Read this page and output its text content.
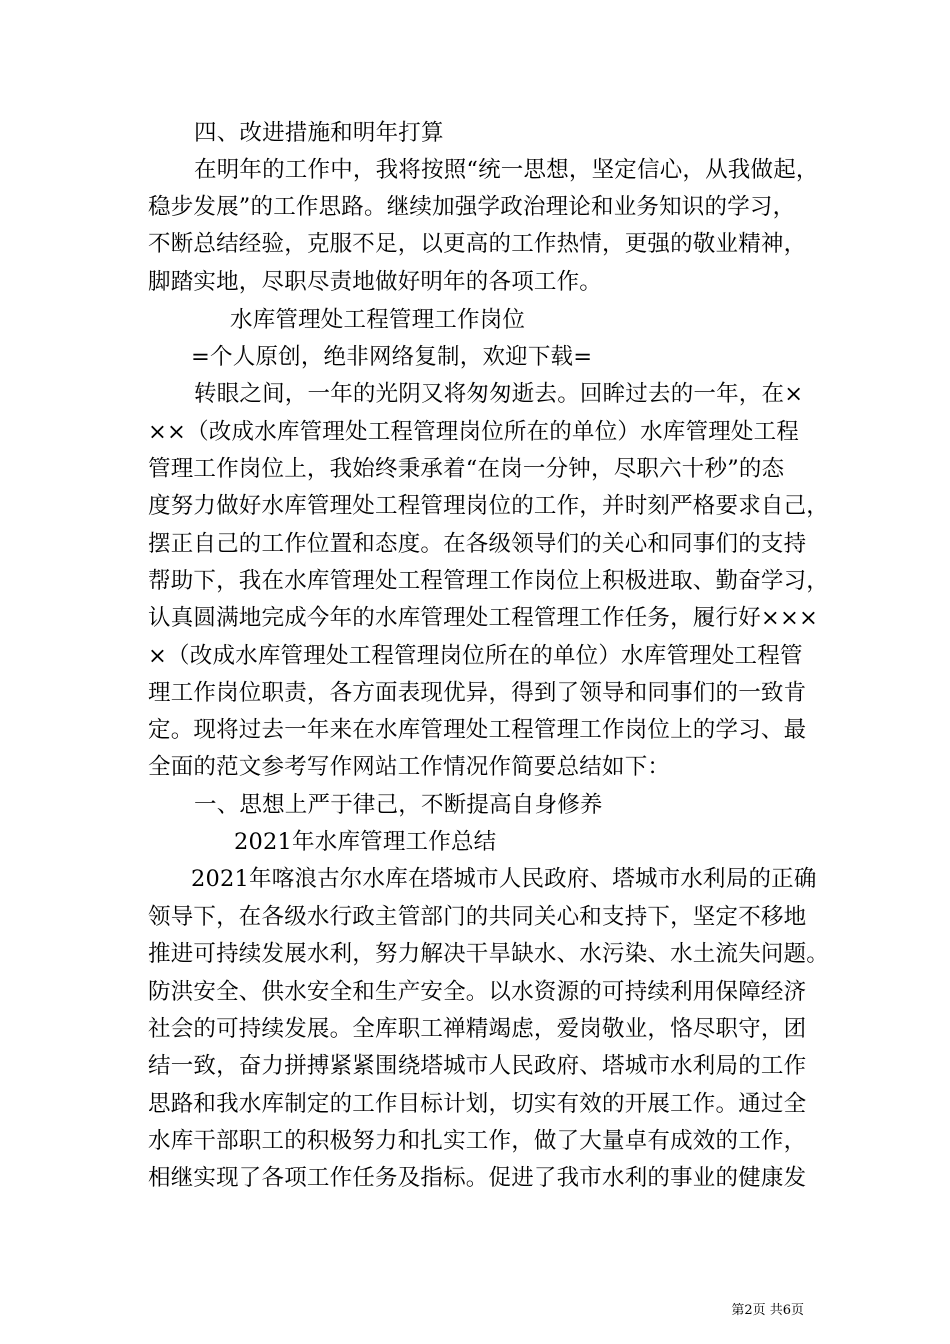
四、改进措施和明年打算
在明年的工作中，我将按照“统一思想，坚定信心，从我做起，
稳步发展”的工作思路。继续加强学政治理论和业务知识的学习，
不断总结经验，克服不足，以更高的工作热情，更强的敬业精神，
脚踏实地，尽职尽责地做好明年的各项工作。
水库管理处工程管理工作岗位
=个人原创，绝非网络复制，欢迎下载=
转眼之间，一年的光阴又将匆匆逝去。回眸过去的一年，在×
××（改成水库管理处工程管理岗位所在的单位）水库管理处工程
管理工作岗位上，我始终秉承着“在岗一分钟，尽职六十秒”的态
度努力做好水库管理处工程管理岗位的工作，并时刻严格要求自己，
摆正自己的工作位置和态度。在各级领导们的关心和同事们的支持
帮助下，我在水库管理处工程管理工作岗位上积极进取、勤奋学习，
认真圆满地完成今年的水库管理处工程管理工作任务，履行好×××
×（改成水库管理处工程管理岗位所在的单位）水库管理处工程管
理工作岗位职责，各方面表现优异，得到了领导和同事们的一致肯
定。现将过去一年来在水库管理处工程管理工作岗位上的学习、最
全面的范文参考写作网站工作情况作简要总结如下：
一、思想上严于律己，不断提高自身修养
2021年水库管理工作总结
2021年喀浪古尔水库在塔城市人民政府、塔城市水利局的正确
领导下，在各级水行政主管部门的共同关心和支持下，坚定不移地
推进可持续发展水利，努力解决干旱缺水、水污染、水土流失问题。
防洪安全、供水安全和生产安全。以水资源的可持续利用保障经济
社会的可持续发展。全库职工禅精竭虑，爱岗敬业，恪尽职守，团
结一致，奋力拼搏紧紧围绕塔城市人民政府、塔城市水利局的工作
思路和我水库制定的工作目标计划，切实有效的开展工作。通过全
水库干部职工的积极努力和扎实工作，做了大量卓有成效的工作，
相继实现了各项工作任务及指标。促进了我市水利的事业的健康发
第2页 共6页
